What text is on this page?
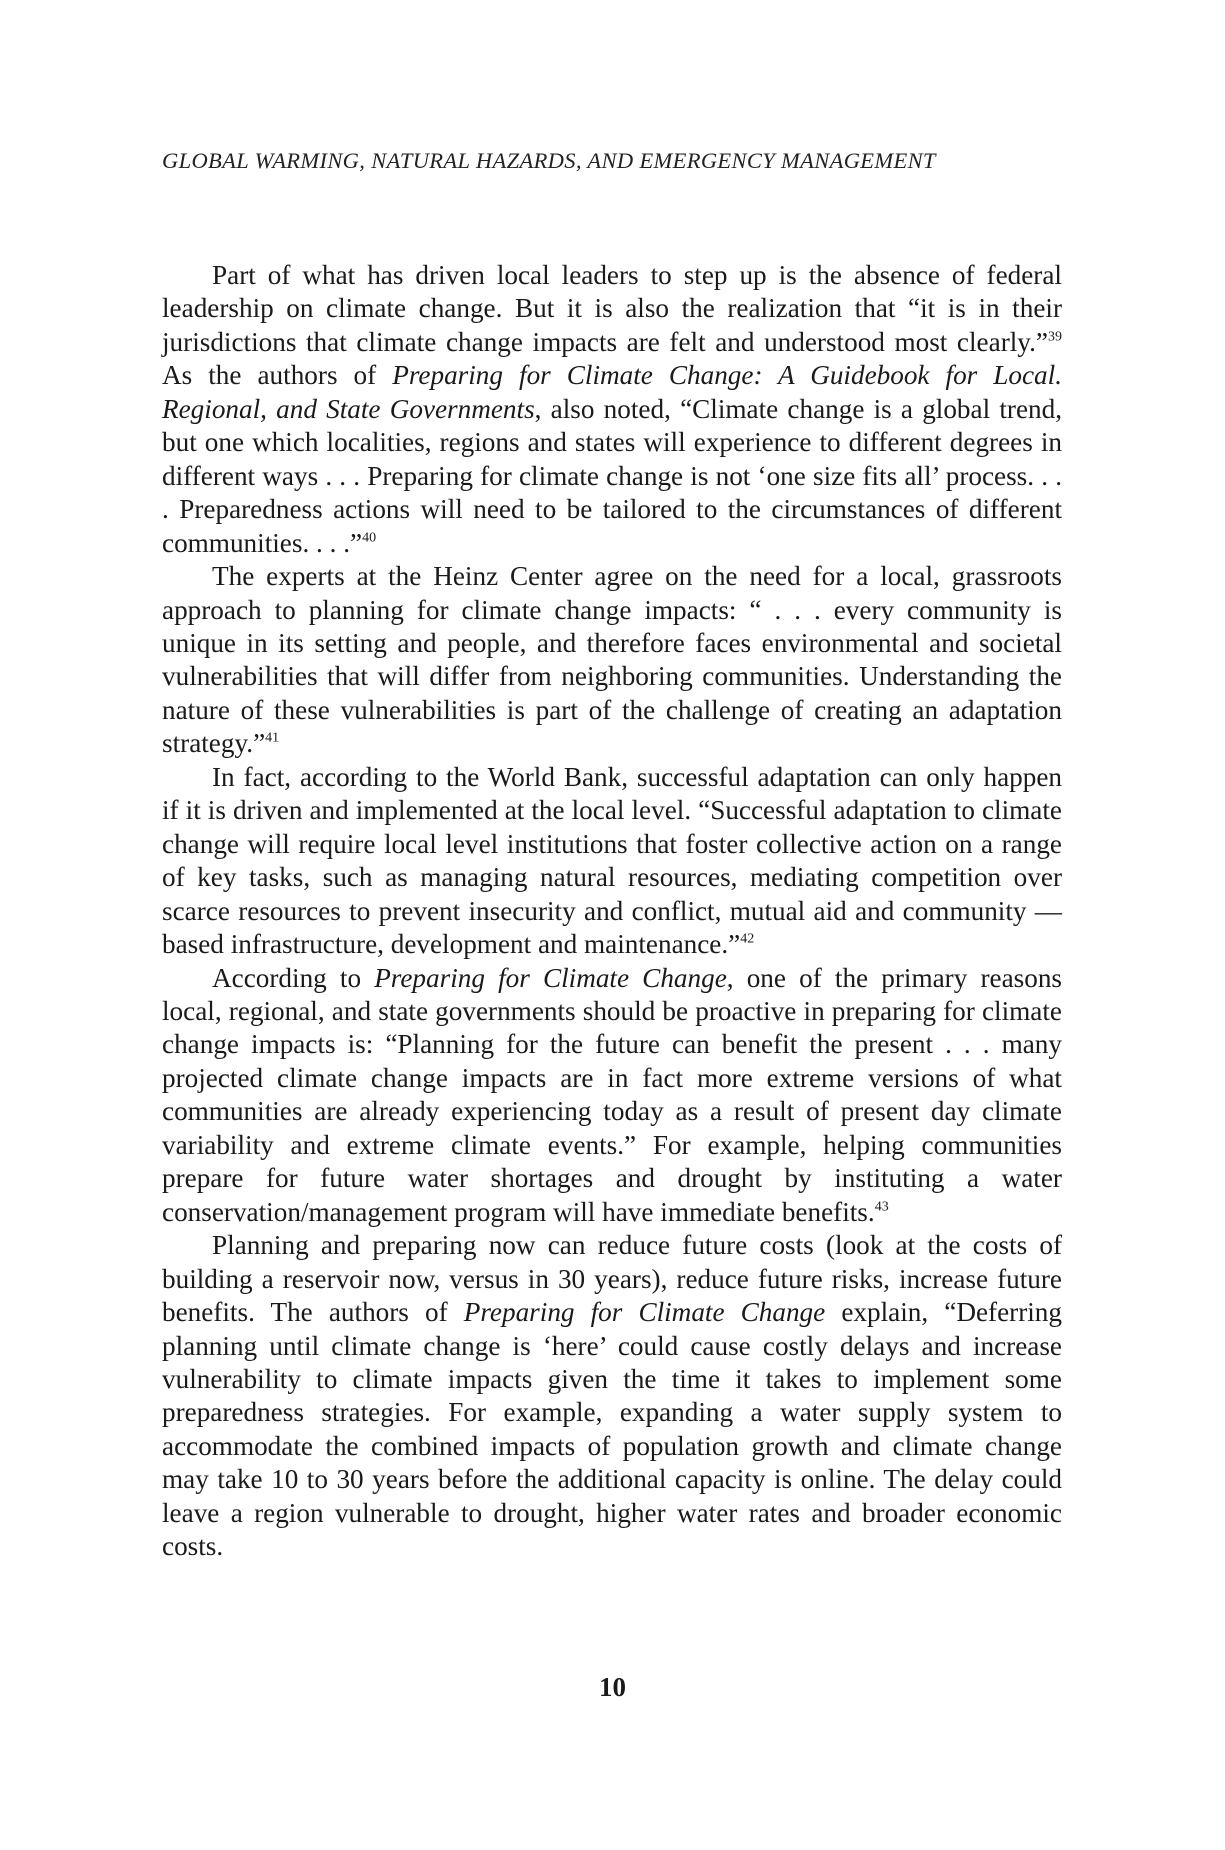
GLOBAL WARMING, NATURAL HAZARDS, AND EMERGENCY MANAGEMENT

Part of what has driven local leaders to step up is the absence of federal leadership on climate change. But it is also the realization that “it is in their jurisdictions that climate change impacts are felt and understood most clearly.”$^{39}$ As the authors of Preparing for Climate Change: A Guidebook for Local. Regional, and State Governments, also noted, “Climate change is a global trend, but one which localities, regions and states will experience to different degrees in different ways . . . Preparing for climate change is not ‘one size fits all’ process. . . . Preparedness actions will need to be tailored to the circumstances of different communities. . . .”$^{40}$

The experts at the Heinz Center agree on the need for a local, grassroots approach to planning for climate change impacts: “ . . . every community is unique in its setting and people, and therefore faces environmental and societal vulnerabilities that will differ from neighboring communities. Understanding the nature of these vulnerabilities is part of the challenge of creating an adaptation strategy.”$^{41}$

In fact, according to the World Bank, successful adaptation can only happen if it is driven and implemented at the local level. “Successful adaptation to climate change will require local level institutions that foster collective action on a range of key tasks, such as managing natural resources, mediating competition over scarce resources to prevent insecurity and conflict, mutual aid and community — based infrastructure, development and maintenance.”$^{42}$

According to Preparing for Climate Change, one of the primary reasons local, regional, and state governments should be proactive in preparing for climate change impacts is: “Planning for the future can benefit the present . . . many projected climate change impacts are in fact more extreme versions of what communities are already experiencing today as a result of present day climate variability and extreme climate events.” For example, helping communities prepare for future water shortages and drought by instituting a water conservation/management program will have immediate benefits.$^{43}$

Planning and preparing now can reduce future costs (look at the costs of building a reservoir now, versus in 30 years), reduce future risks, increase future benefits. The authors of Preparing for Climate Change explain, “Deferring planning until climate change is ‘here’ could cause costly delays and increase vulnerability to climate impacts given the time it takes to implement some preparedness strategies. For example, expanding a water supply system to accommodate the combined impacts of population growth and climate change may take 10 to 30 years before the additional capacity is online. The delay could leave a region vulnerable to drought, higher water rates and broader economic costs.

10
